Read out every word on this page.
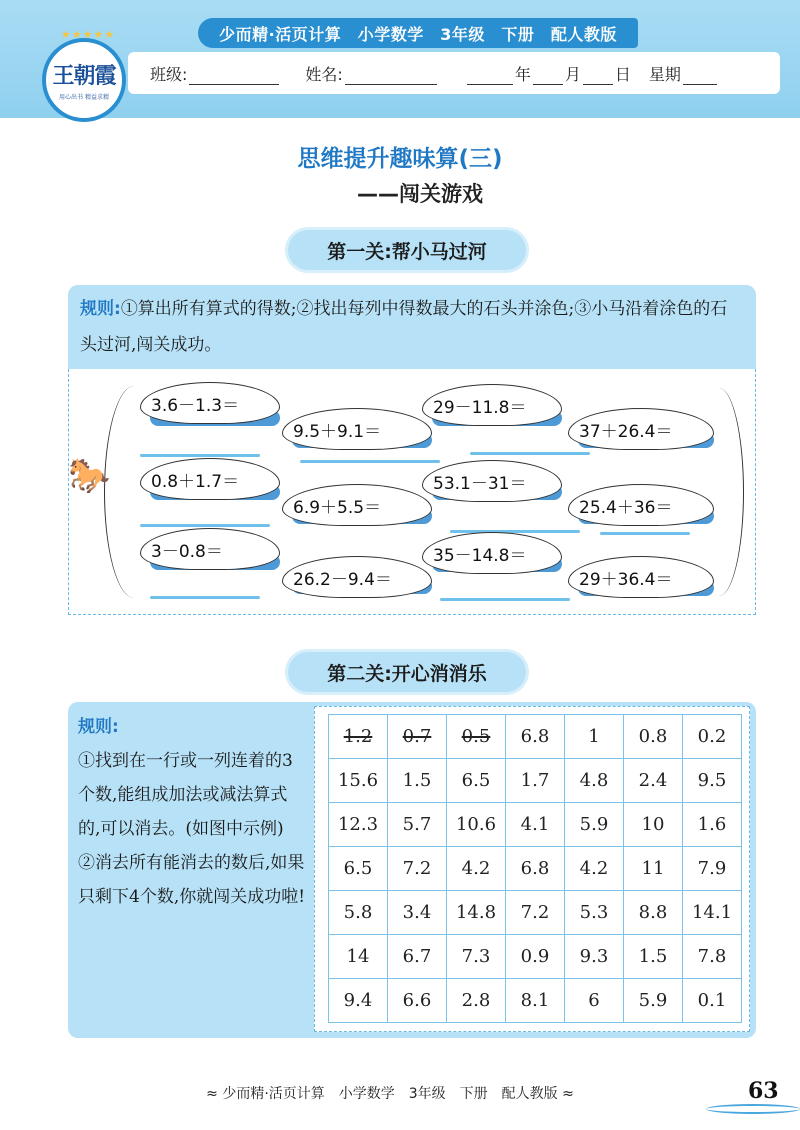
少而精·活页计算　小学数学　3年级　下册　配人教版
班级:	姓名:	年 月 日 星期
★★★★★
王朝霞
用心出书 精益求精
思维提升趣味算(三)
——闯关游戏
第一关:帮小马过河
规则:①算出所有算式的得数;②找出每列中得数最大的石头并涂色;③小马沿着涂色的石头过河,闯关成功。
🐎
3.6－1.3＝
0.8＋1.7＝
3－0.8＝
9.5＋9.1＝
6.9＋5.5＝
26.2－9.4＝
29－11.8＝
53.1－31＝
35－14.8＝
37＋26.4＝
25.4＋36＝
29＋36.4＝
第二关:开心消消乐
规则:
①找到在一行或一列连着的3个数,能组成加法或减法算式的,可以消去。(如图中示例)
②消去所有能消去的数后,如果只剩下4个数,你就闯关成功啦!
1.2	0.7	0.5	6.8	1	0.8	0.2
15.6	1.5	6.5	1.7	4.8	2.4	9.5
12.3	5.7	10.6	4.1	5.9	10	1.6
6.5	7.2	4.2	6.8	4.2	11	7.9
5.8	3.4	14.8	7.2	5.3	8.8	14.1
14	6.7	7.3	0.9	9.3	1.5	7.8
9.4	6.6	2.8	8.1	6	5.9	0.1
≈ 少而精·活页计算　小学数学　3年级　下册　配人教版 ≈	63
